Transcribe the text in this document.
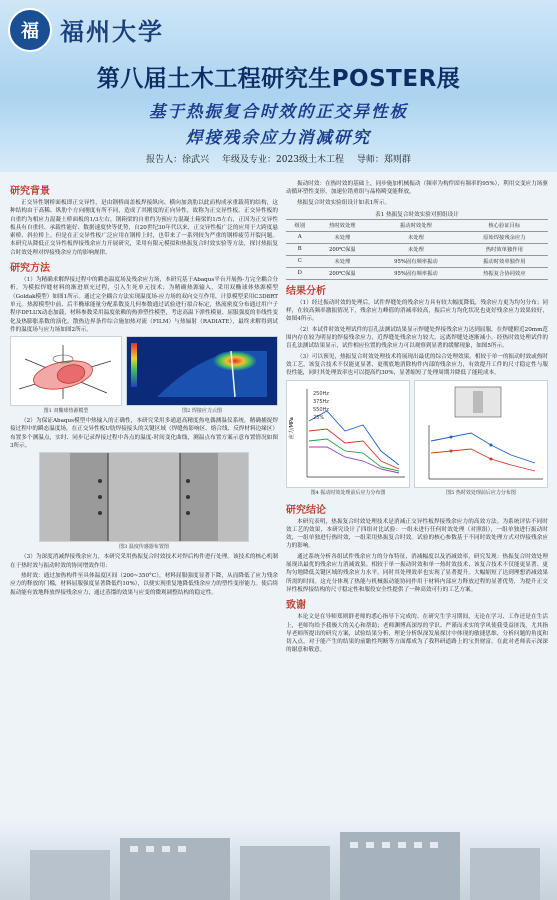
福 福州大学
第八届土木工程研究生POSTER展
基于热振复合时效的正交异性板
焊接残余应力消减研究
报告人：徐武兴 年级及专业：2023级土木工程 导师：郑则群
研究背景

正交异性钢桥面板即正交异性，是由钢桥面盖板焊接纵向、横向加劲肋以此而构成承重载荷的结构，这种结构由于高稀、纵肋个方向刚度有所不同，造成了其刚度的正向异性，故称为正交异性板。正交异性板的自重约为相应力混凝土桥面板的1/3左右，钢箱梁的自重约为预应力混凝土箱梁的1/5左右，正因为正交异性板具有自重轻、承载性能好、数据速度快等优势，自20世纪30年代以来，正交异性板广泛的应用于大跨度悬索桥、斜拉桥上。但是在正交异性板广泛应用在钢桥上时，也带来了一系列较为严重的钢桥疲劳开裂问题。本研究从降低正交异性板焊接残余应力开展研究，采用有限元模拟和热振复合时效实验等方法，探讨热振复合时效处理对焊接残余应力的影响规律。

研究方法

（1）为精确求解焊接过程中的瞬态温度场及残余应力场，本研究基于Abaqus平台开展热-力完全耦合分析，为模拟焊缝材料的渐进填充过程，引入生死单元技术；为精确热源输入，采用双椭球体热源模型（Goldak模型）如图1所示。通过完全耦合方法实现温度场-应力场的双向交互作用，计算模型采用C3D8RT单元。热源模型中前、后半椭球能量分配系数及几何参数通过试验进行拟合标定，热流密度分布通过用户子程序DFLUX动态加载，材料参数采用温度依赖的热弹塑性模型，考虑高温下弹性模量、屈服强度的非线性变化及热膨胀系数的演化，散热边界条件综合施加热对流（FILM）与热辐射（RADIATE），最终求解得到试件的温度场与应力场如图2所示。

图1 双椭球热源模型	图2 焊接应力云图

（2）为保证Abaqus模型中热输入的正确性，本研究采用多通道高精度热电偶测温仪系统，精确捕捉焊接过程中的瞬态温度场，在正交异性板U肋焊接接头的关键区域（焊缝热影响区、熔合线、反焊材料边缘区）布置多个测温点，实时、同步记录焊接过程中各点的温度-时间变化曲线，测温点布置方案示意布置情况如图3所示。

图3 温度传感器布置图

（3）为深度消减焊接残余应力，本研究采用热振复合时效技术对焊后构件进行处理。该技术的核心机制在于热时效与振动时效的协同增效作用：

热时效：通过加热构件至具体温度区间（200~350°C），材料屈服强度显著下降，从而降低了应力残余应力的释放的门槛，材料屈服强度显著降低约10%），以便实现重复地降低残余应力的塑性变形能力。使后续振动能有效地释放焊接残余应力，通过蒸馏的效果与应变的微观调整结构的稳定性。

振动时效：在热时效的基础上，同步施加机械振动（频率为构件固有频率的95%），利用交变应力场驱动循环塑性变形，加速位错重组与晶格畸变能释放。

热振复合时效实验组设计如表1所示。

表1 热振复合时效实验对照组设计
组别	热时效处理	振动时效处理	核心验证目标
A	未处理	未处理	原始焊接残余应力
B	200℃保温	未处理	热时效单独作用
C	未处理	95%固有频率振动	振动时效单独作用
D	200℃保温	95%固有频率振动	热振复合协同效应
结果分析

（1）经过振动时效的处理后，试件焊缝处的残余应力具有较大幅度降低，残余应力更为均匀分布；同样，在较高频率激振情况下，残余应力峰值的消减率较高，振后应力均化状况也更好残余应力效果较好，如图4所示。

（2）本试件时效处理试件的盲孔法测试结果显示焊缝处焊接残余应力达到屈服，在焊缝附近20mm范围内存在较为明显的焊接残余应力，近焊缝处残余应力较大，远离焊缝处逐渐减小，经热时效处理试件的盲孔法测试结果显示，试件相应位置的残余应力可以观察到显著的缓解现象，如图5所示。

（3）可以预见，热振复合时效处理技术将展现出最优的综合处理效果。相较于单一的振动时效或热时效工艺，该复合技术不仅能更显著、更彻底地消除构件内部的残余应力，有效提升工件的尺寸稳定性与服役性能，同时其处理效率也可以提高约30%，显著缩短了处理周期并降低了能耗成本。

应力/MPa
250Hz
375Hz
550Hz
25%
图4 振动时效处理前后应力分布图	图5 热时效处理前后应力分布图
研究结论

本研究表明，热振复合时效处理技术是消减正交异性板焊接残余应力的高效方法。为系统评估不同时效工艺的效果，本研究设计了四组对比试验：一组未进行任何时效处理（对照组），一组单独进行振动时效，一组单独进行热时效，一组采用热振复合时效。试验的核心参数基于不同时效处理方式对焊接残余应力的影响。

通过系统分析各组试件残余应力的分布特征、消减幅度以及消减效率，研究发现：热振复合时效处理展现出最优的残余应力消减效果。相较于单一振动时效和单一热时效技术，该复合技术不仅能更显著、更均匀地降低关键区域的残余应力水平，同时其处理效率也实现了显著提升。大幅缩短了达到理想消减效果所需的时间。这充分体现了热能与机械振动能协同作用于材料内部应力释放过程的显著优势，为提升正交异性板焊接结构的尺寸稳定性和服役安全性提供了一种高效可行的工艺方案。

致谢

本论文是在导师郑则群老师的悉心指导下完成的。在研究生学习期间，无论在学习、工作还是在生活上，老师均给予我极大的关心和帮助；老师渊博高深厚的学识、严谨而求实的学风使我受益匪浅，尤其指导老师所提出的研究方案，试验结果分析、理论分析纵深发展探讨中体现的敏捷思维、分析问题的角度和切入点，对于能产生的结果的前瞻性判断等方面都成为了我科研道路上的宝贵财富。在此对老师表示深深的谢意和敬意。
